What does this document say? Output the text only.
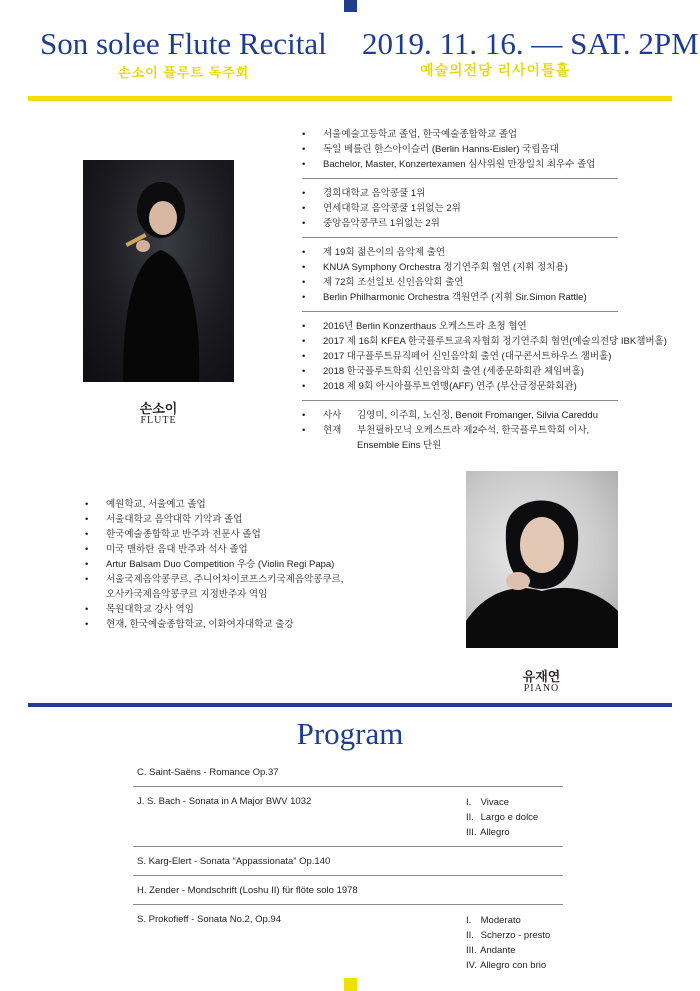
Son solee Flute Recital 2019. 11. 16. — SAT. 2PM
손소이 플루트 독주회	예술의전당 리사이틀홀
손소이
FLUTE
• 서울예술고등학교 졸업, 한국예술종합학교 졸업
• 독일 베를린 한스아이슬러 (Berlin Hanns-Eisler) 국립음대
• Bachelor, Master, Konzertexamen 심사위원 만장일치 최우수 졸업
• 경희대학교 음악콩쿨 1위
• 연세대학교 음악콩쿨 1위없는 2위
• 중앙음악콩쿠르 1위없는 2위
• 제 19회 젊은이의 음악제 출연
• KNUA Symphony Orchestra 정기연주회 협연 (지휘 정치용)
• 제 72회 조선일보 신인음악회 출연
• Berlin Philharmonic Orchestra 객원연주 (지휘 Sir.Simon Rattle)
• 2016년 Berlin Konzerthaus 오케스트라 초청 협연
• 2017 제 16회 KFEA 한국플루트교육자협회 정기연주회 협연(예술의전당 IBK챔버홀)
• 2017 대구플루트뮤직페어 신인음악회 출연 (대구콘서트하우스 챔버홀)
• 2018 한국플루트학회 신인음악회 출연 (세종문화회관 체임버홀)
• 2018 제 9회 아시아플루트연맹(AFF) 연주 (부산금정문화회관)
• 사사 김영미, 이주희, 노신정, Benoit Fromanger, Silvia Careddu
• 현재 부천필하모닉 오케스트라 제2수석, 한국플루트학회 이사,
Ensemble Eins 단원
• 예원학교, 서울예고 졸업
• 서울대학교 음악대학 기악과 졸업
• 한국예술종합학교 반주과 전문사 졸업
• 미국 맨하탄 음대 반주과 석사 졸업
• Artur Balsam Duo Competition 우승 (Violin Regi Papa)
• 서울국제음악콩쿠르, 주니어차이코프스키국제음악콩쿠르,
오사카국제음악콩쿠르 지정반주자 역임
• 목원대학교 강사 역임
• 현재, 한국예술종합학교, 이화여자대학교 출강
유재연
PIANO
Program
C. Saint-Saëns - Romance Op.37
J. S. Bach - Sonata in A Major BWV 1032	I. Vivace
II. Largo e dolce
III. Allegro
S. Karg-Elert - Sonata “Appassionata” Op.140
H. Zender - Mondschrift (Loshu II) für flöte solo 1978
S. Prokofieff - Sonata No.2, Op.94	I. Moderato
II. Scherzo - presto
III. Andante
IV. Allegro con brio
